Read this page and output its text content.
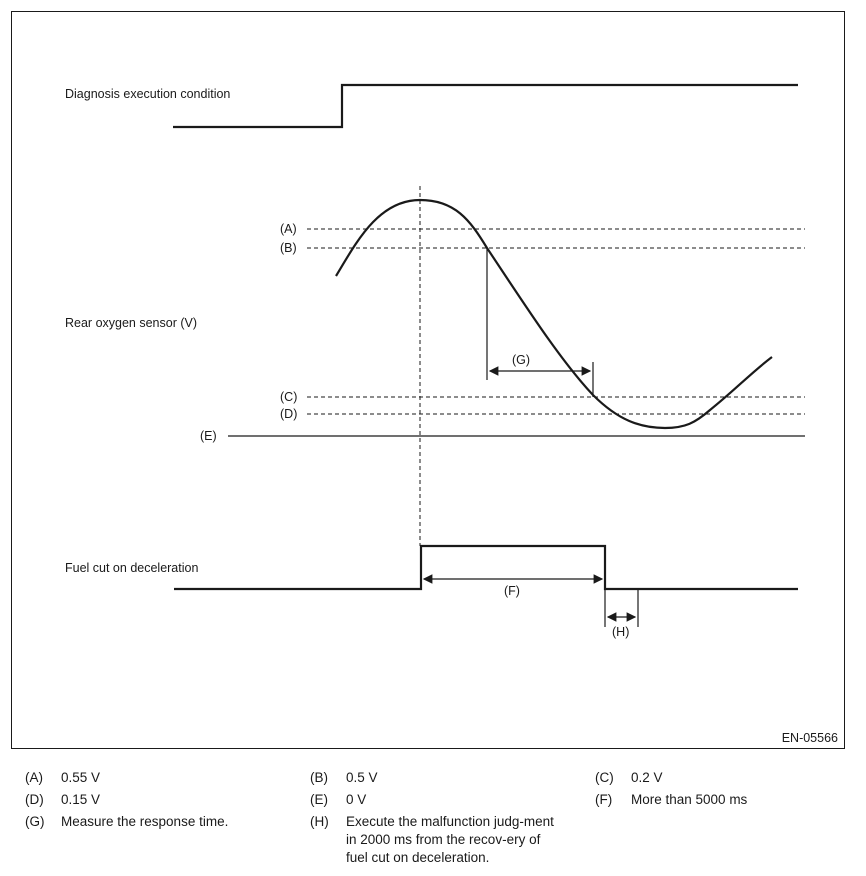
Diagnosis execution condition
Rear oxygen sensor (V)
(A)
(B)
(C)
(D)
(E)
(G)
Fuel cut on deceleration
(F)
(H)
EN-05566
(A) 0.55 V	(B) 0.5 V	(C) 0.2 V
(D) 0.15 V	(E) 0 V	(F) More than 5000 ms
(G) Measure the response time.	(H) Execute the malfunction judg-ment in 2000 ms from the recov-ery of fuel cut on deceleration.
